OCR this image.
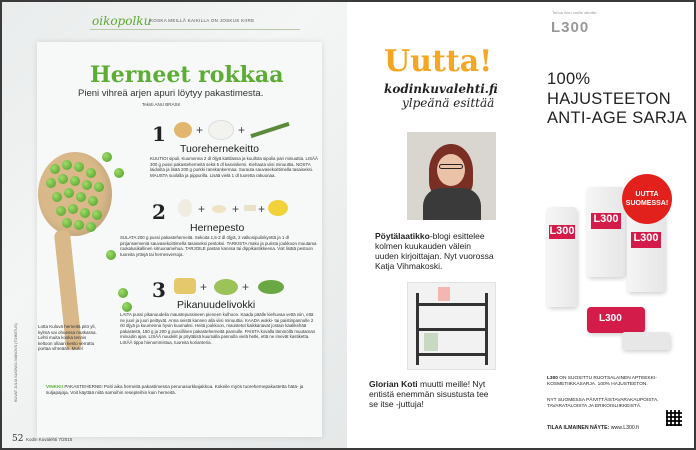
oikopolku
KOSKA MEILLÄ KAIKILLA ON JOSKUS KIIRE
Herneet rokkaa
Pieni vihreä arjen apuri löytyy pakastimesta.
Teksti ANU BRASK
Lotta Kuluvä herneitä pitö yli, kylmä vai ohuessa mutkassa. Lehti muita koska tennis keltoon ollaan kesto verrattu portaa vihreään. Mutel
1	+	+
Tuorehernekeitto
KUUTIOI sipuli. Kuumenna 2 dl öljyä kattilassa ja kuullota sipulia pari minuuttia. LISÄÄ 300 g pussi pakasteherneitä sekä 5 dl kasvisliemi. Kiehauta viisi minuuttia. NOSTA laidoilta ja lisää 200 g purkki ranskankermaa. Surauta sauvasekoittimella tasaiseksi. MAUSTA suolalla ja pippurilla. Lisää vielä 1 dl tuoretta rakuunaa.
2	+ + +
Hernepesto
SULATA 200 g pussi pakasteherneitä. Sekoita 1,5-2 dl öljyä, 2 valkosipulinkynttä ja 1 dl pinjansiemeniä sauvasekoittimella tasaiseksi pestoksi. TARKISTA maku ja purista joukkoon muutama ruokalusikallinen sitruunamehua. TARJOILE pastan kanssa tai dippikastikkeena. Voit lisätä pestoon tuoreita yrttejä tai hernesversoja.
3	+	+
Pikanuudelivokki
LAITA pussi pikanuudelia maustepussineen pieneen kulhoon. Kaada päälle kiehuvaa vettä niin, että ne juuri ja juuri peittyvät. Anna seistä kannen alla viisi minuuttia. KAADA wokki- tai paistinpannulle 2 rkl öljyä ja kuumenna hyvin kuumaksi. Heitä joukkoon, maustetut kaikkanavat jostain kaalikehää pakasteitä, 180 g ja 200 g pussillinen pakasteherneitä pannulle. PAISTA kovalla lämmöllä muutaman minuutin ajan. LISÄÄ nuudelit ja pöytätisä kuumalla pannulla vielä hetki, että ne imevät kastiketta. LISÄÄ tippa hienommistua, tuoreita korianteria.
VINKKI! PAKASTEHERNE! Poiti aika herneitä pakastimessa perunasurkkajakkoa. Kokeile myös tuorehernepakastetta hätä- ja suljapajoja. Voit käyttää niitä samoihin resepteihin kuin herneitä.
KUVAT JULIA SUONIO-IVANOVS (TOIMITUS)
52 Kodin Kuvalehti 7/2015
Uutta!
kodinkuvalehti.fi
ylpeänä esittää
Pöytälaatikko-blogi esittelee kolmen kuukauden välein uuden kirjoittajan. Nyt vuorossa Katja Vihmakoski.
Glorian Koti muutti meille! Nyt entistä enemmän sisustusta tee se itse -juttuja!
Tehoa ihon omille aikoille
L300
100% HAJUSTEETON ANTI-AGE SARJA
L300
L300
L300
L300
UUTTA SUOMESSA!
L300 ON SUOSITTU RUOTSALAINEN APTEEKKI-KOSMETIIKKASARJA. 100% HAJUSTEETON.
NYT SUOMESSA PÄIVITTÄISTAVARAKAUPOISTA, TAVARATALOISTA JA ERIKOISLIIKKEISTÄ.
TILAA ILMAINEN NÄYTE: www.L300.fi
